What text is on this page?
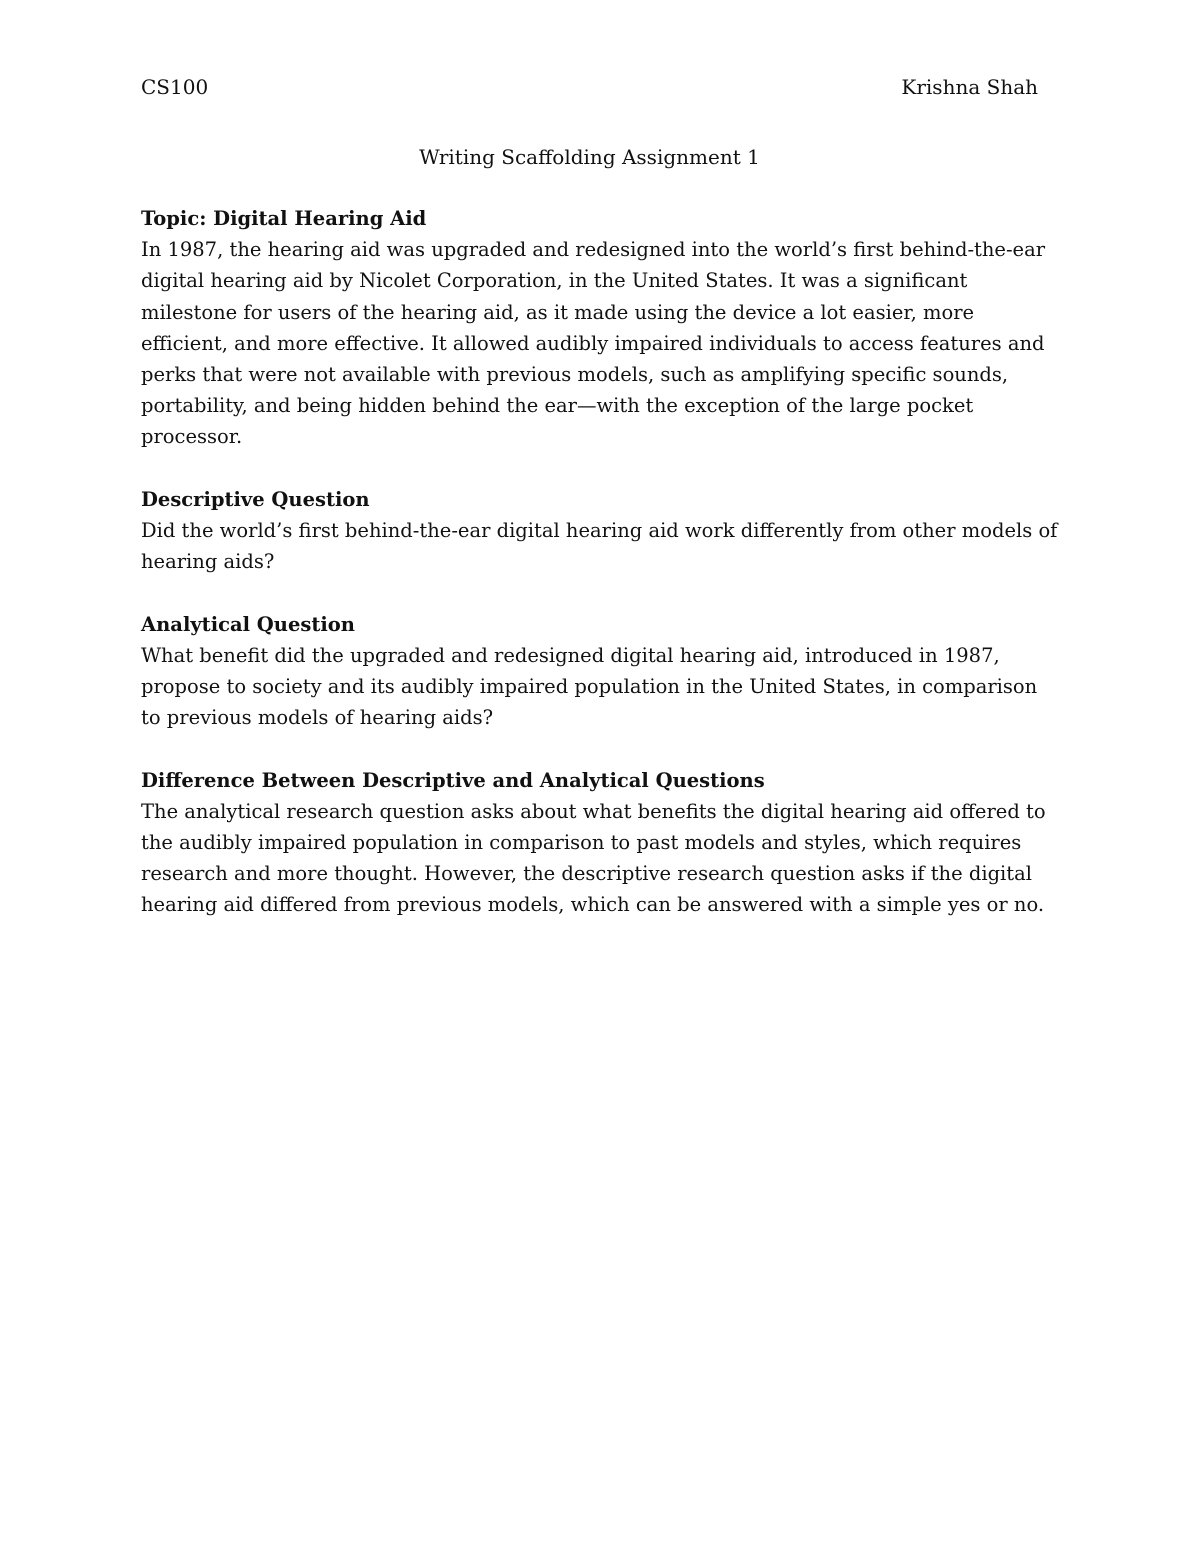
CS100	Krishna Shah
Writing Scaffolding Assignment 1

Topic: Digital Hearing Aid

In 1987, the hearing aid was upgraded and redesigned into the world’s first behind-the-ear digital hearing aid by Nicolet Corporation, in the United States. It was a significant milestone for users of the hearing aid, as it made using the device a lot easier, more efficient, and more effective. It allowed audibly impaired individuals to access features and perks that were not available with previous models, such as amplifying specific sounds, portability, and being hidden behind the ear—with the exception of the large pocket processor.

Descriptive Question

Did the world’s first behind-the-ear digital hearing aid work differently from other models of hearing aids?

Analytical Question

What benefit did the upgraded and redesigned digital hearing aid, introduced in 1987, propose to society and its audibly impaired population in the United States, in comparison to previous models of hearing aids?

Difference Between Descriptive and Analytical Questions

The analytical research question asks about what benefits the digital hearing aid offered to the audibly impaired population in comparison to past models and styles, which requires research and more thought. However, the descriptive research question asks if the digital hearing aid differed from previous models, which can be answered with a simple yes or no.
